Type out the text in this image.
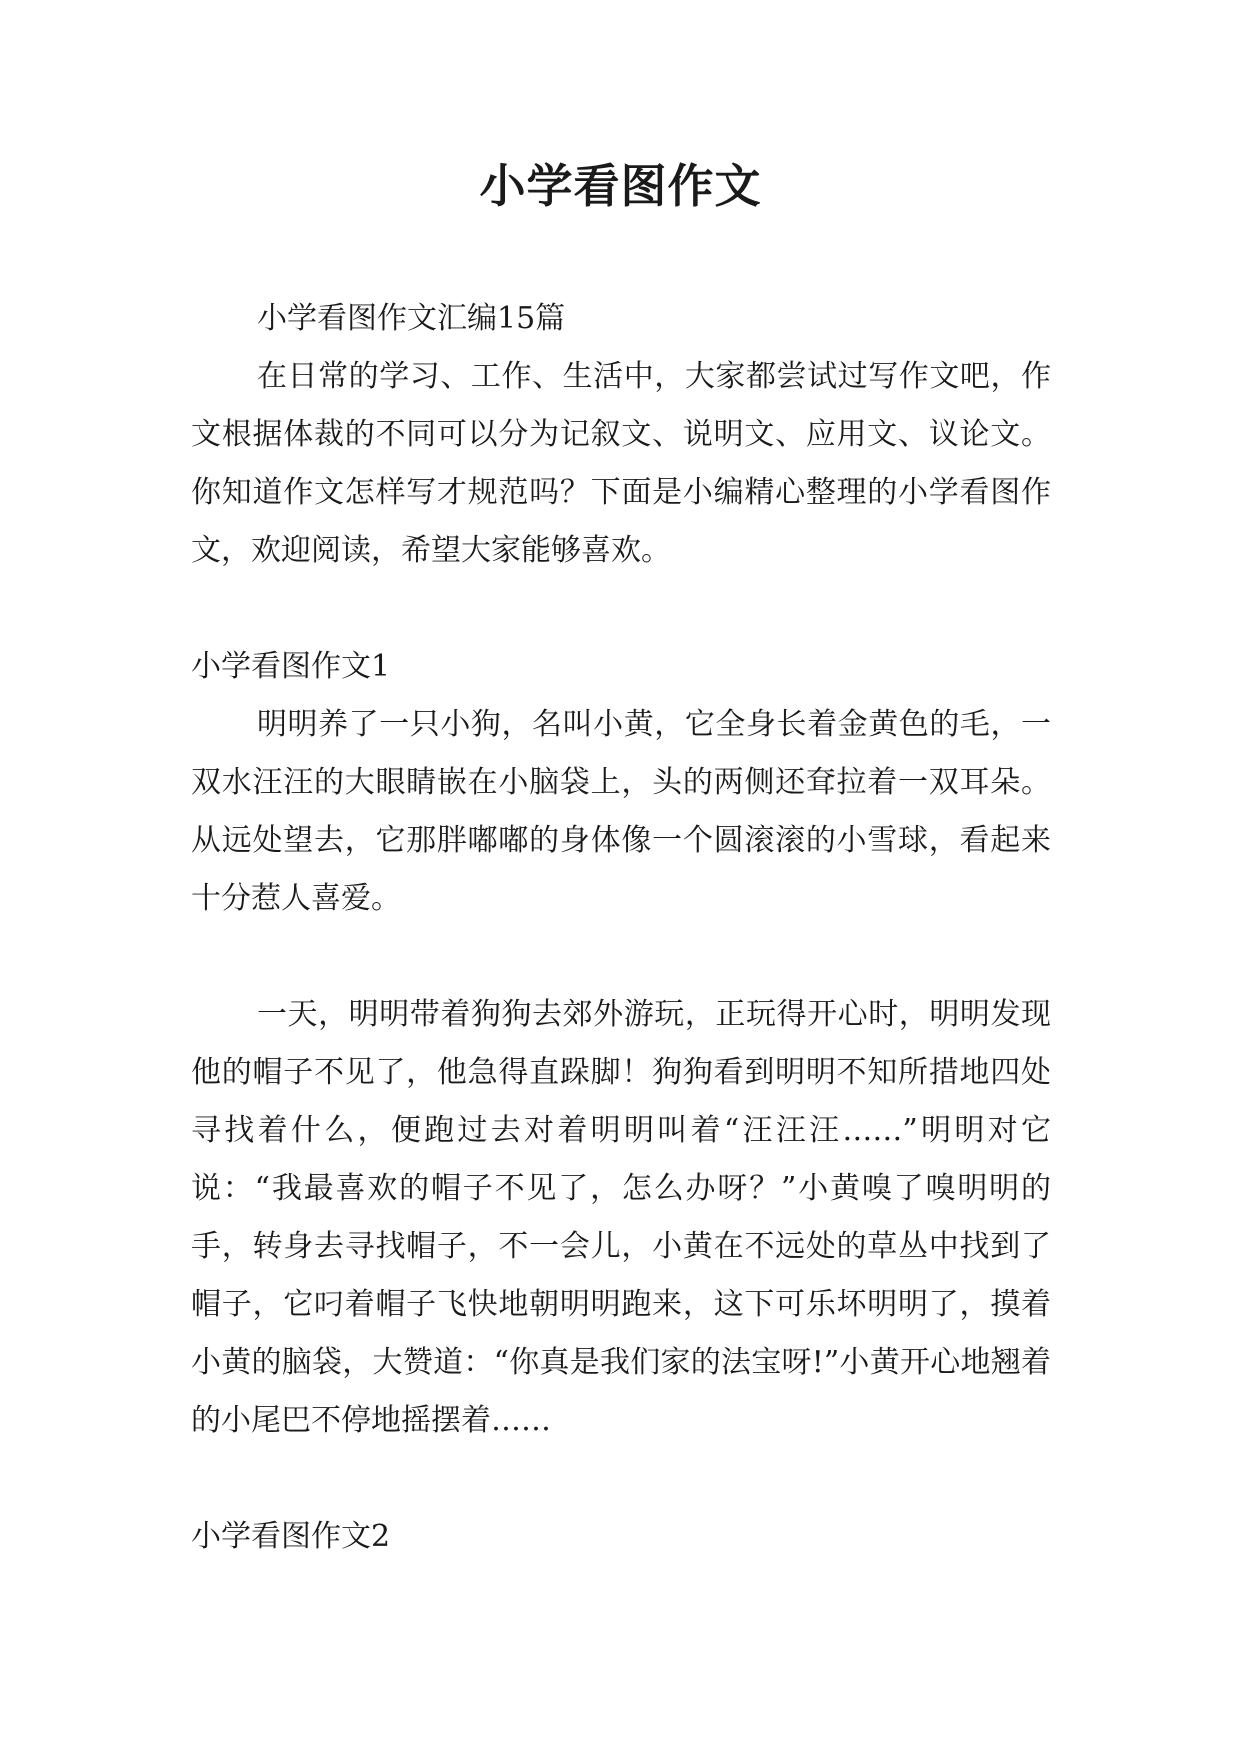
小学看图作文

小学看图作文汇编15篇

在日常的学习、工作、生活中，大家都尝试过写作文吧，作文根据体裁的不同可以分为记叙文、说明文、应用文、议论文。你知道作文怎样写才规范吗？下面是小编精心整理的小学看图作文，欢迎阅读，希望大家能够喜欢。

小学看图作文1

明明养了一只小狗，名叫小黄，它全身长着金黄色的毛，一双水汪汪的大眼睛嵌在小脑袋上，头的两侧还耷拉着一双耳朵。从远处望去，它那胖嘟嘟的身体像一个圆滚滚的小雪球，看起来十分惹人喜爱。

一天，明明带着狗狗去郊外游玩，正玩得开心时，明明发现他的帽子不见了，他急得直跺脚！狗狗看到明明不知所措地四处寻找着什么，便跑过去对着明明叫着“汪汪汪……”明明对它说：“我最喜欢的帽子不见了，怎么办呀？”小黄嗅了嗅明明的手，转身去寻找帽子，不一会儿，小黄在不远处的草丛中找到了帽子，它叼着帽子飞快地朝明明跑来，这下可乐坏明明了，摸着小黄的脑袋，大赞道：“你真是我们家的法宝呀!”小黄开心地翘着的小尾巴不停地摇摆着……

小学看图作文2
